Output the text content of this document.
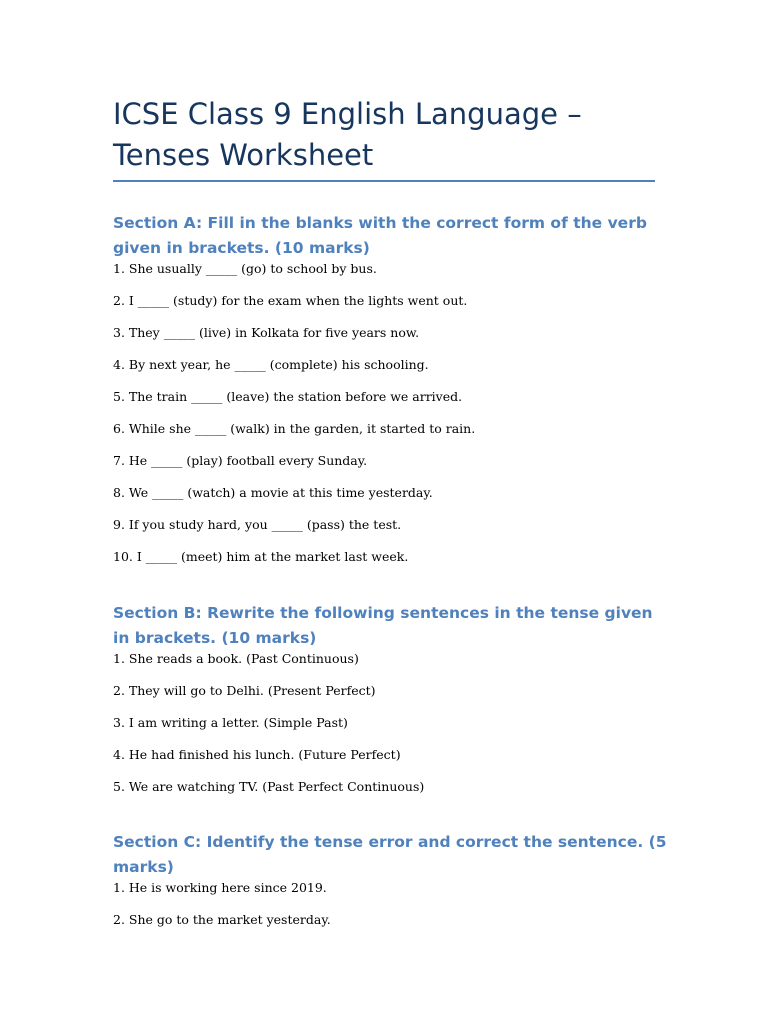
ICSE Class 9 English Language – Tenses Worksheet
Section A: Fill in the blanks with the correct form of the verb given in brackets. (10 marks)
1. She usually _____ (go) to school by bus.
2. I _____ (study) for the exam when the lights went out.
3. They _____ (live) in Kolkata for five years now.
4. By next year, he _____ (complete) his schooling.
5. The train _____ (leave) the station before we arrived.
6. While she _____ (walk) in the garden, it started to rain.
7. He _____ (play) football every Sunday.
8. We _____ (watch) a movie at this time yesterday.
9. If you study hard, you _____ (pass) the test.
10. I _____ (meet) him at the market last week.
Section B: Rewrite the following sentences in the tense given in brackets. (10 marks)
1. She reads a book. (Past Continuous)
2. They will go to Delhi. (Present Perfect)
3. I am writing a letter. (Simple Past)
4. He had finished his lunch. (Future Perfect)
5. We are watching TV. (Past Perfect Continuous)
Section C: Identify the tense error and correct the sentence. (5 marks)
1. He is working here since 2019.
2. She go to the market yesterday.
